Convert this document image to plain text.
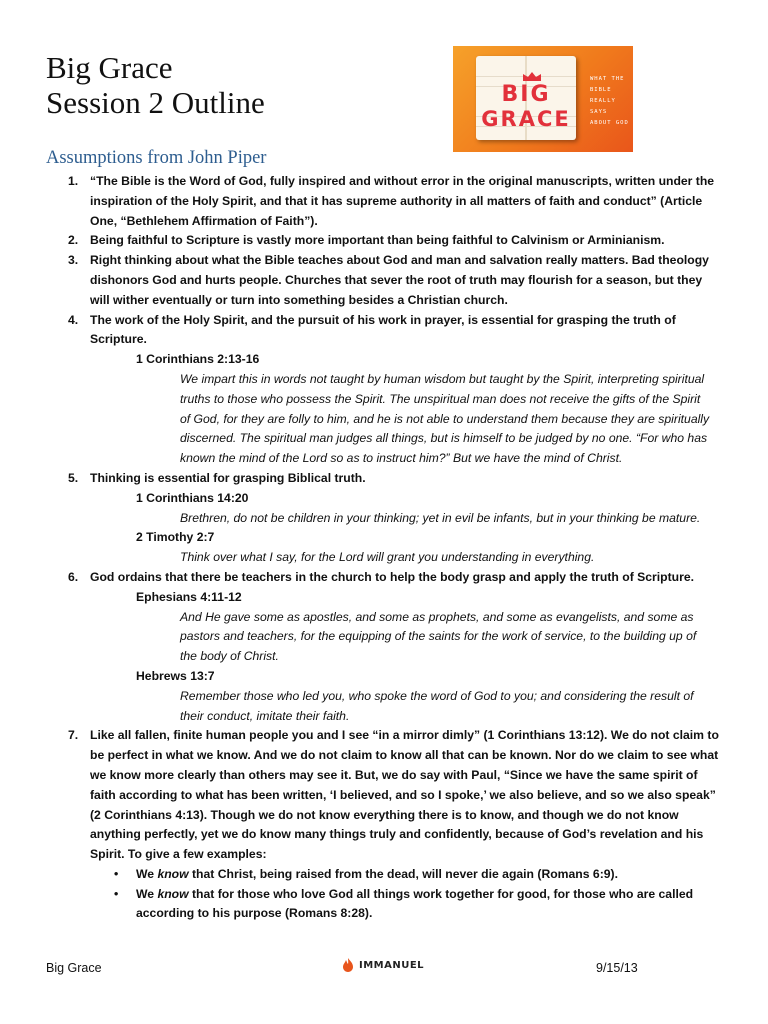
Big Grace
Session 2 Outline	BIG
GRACE
WHAT THE
BIBLE
REALLY SAYS
ABOUT GOD
Assumptions from John Piper
1. “The Bible is the Word of God, fully inspired and without error in the original manuscripts, written under the inspiration of the Holy Spirit, and that it has supreme authority in all matters of faith and conduct” (Article One, “Bethlehem Affirmation of Faith”).
2. Being faithful to Scripture is vastly more important than being faithful to Calvinism or Arminianism.
3. Right thinking about what the Bible teaches about God and man and salvation really matters. Bad theology dishonors God and hurts people. Churches that sever the root of truth may flourish for a season, but they will wither eventually or turn into something besides a Christian church.
4. The work of the Holy Spirit, and the pursuit of his work in prayer, is essential for grasping the truth of Scripture.
1 Corinthians 2:13-16
We impart this in words not taught by human wisdom but taught by the Spirit, interpreting spiritual truths to those who possess the Spirit. The unspiritual man does not receive the gifts of the Spirit of God, for they are folly to him, and he is not able to understand them because they are spiritually discerned. The spiritual man judges all things, but is himself to be judged by no one. “For who has known the mind of the Lord so as to instruct him?” But we have the mind of Christ.
5. Thinking is essential for grasping Biblical truth.
1 Corinthians 14:20
Brethren, do not be children in your thinking; yet in evil be infants, but in your thinking be mature.
2 Timothy 2:7
Think over what I say, for the Lord will grant you understanding in everything.
6. God ordains that there be teachers in the church to help the body grasp and apply the truth of Scripture.
Ephesians 4:11-12
And He gave some as apostles, and some as prophets, and some as evangelists, and some as pastors and teachers, for the equipping of the saints for the work of service, to the building up of the body of Christ.
Hebrews 13:7
Remember those who led you, who spoke the word of God to you; and considering the result of their conduct, imitate their faith.
7. Like all fallen, finite human people you and I see “in a mirror dimly” (1 Corinthians 13:12). We do not claim to be perfect in what we know. And we do not claim to know all that can be known. Nor do we claim to see what we know more clearly than others may see it. But, we do say with Paul, “Since we have the same spirit of faith according to what has been written, ‘I believed, and so I spoke,’ we also believe, and so we also speak” (2 Corinthians 4:13). Though we do not know everything there is to know, and though we do not know anything perfectly, yet we do know many things truly and confidently, because of God’s revelation and his Spirit. To give a few examples:
• We know that Christ, being raised from the dead, will never die again (Romans 6:9).
• We know that for those who love God all things work together for good, for those who are called according to his purpose (Romans 8:28).
Big Grace	IMMANUEL	9/15/13
